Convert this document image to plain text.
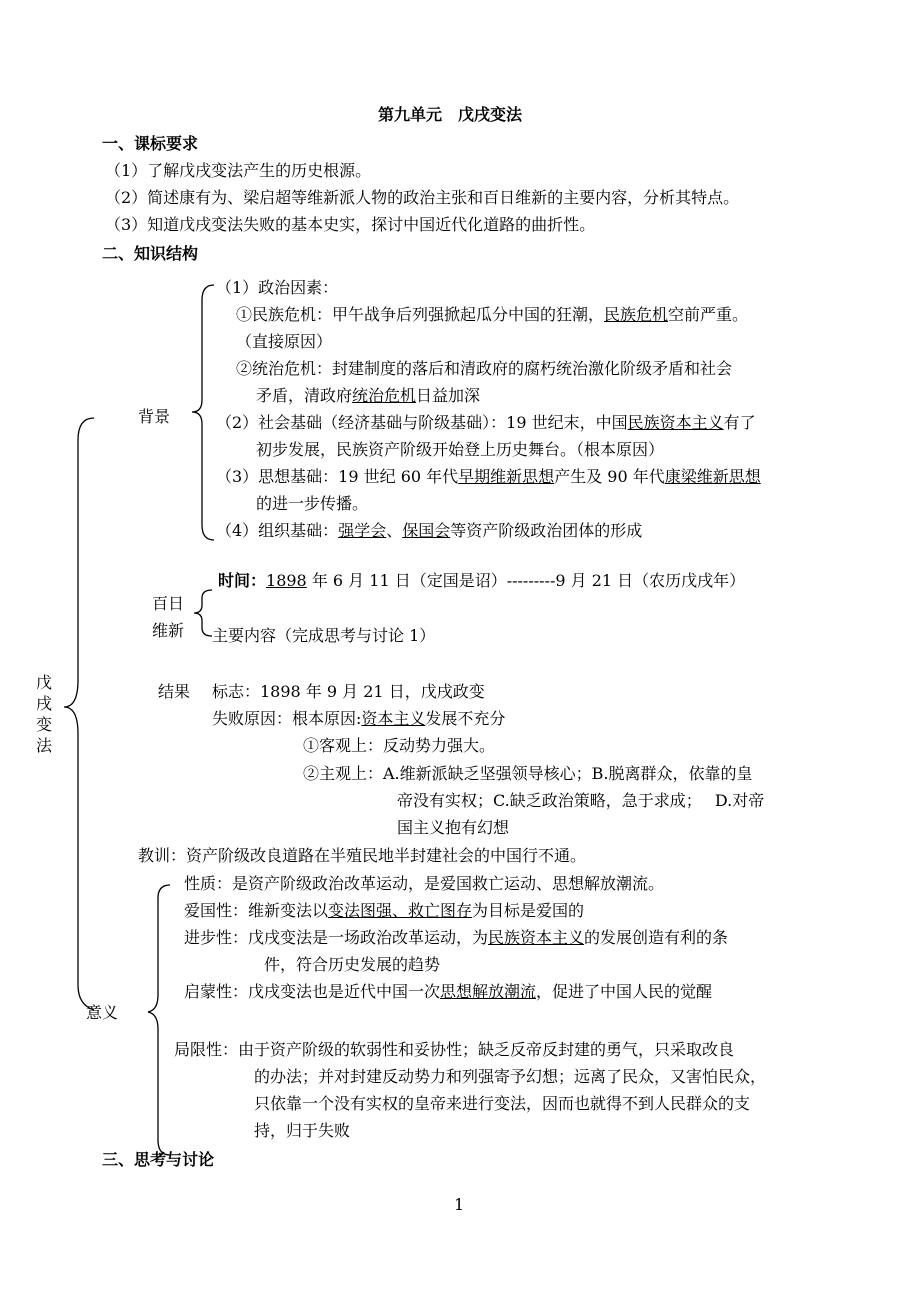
第九单元　戊戌变法
一、课标要求
（1）了解戊戌变法产生的历史根源。
（2）简述康有为、梁启超等维新派人物的政治主张和百日维新的主要内容，分析其特点。
（3）知道戊戌变法失败的基本史实，探讨中国近代化道路的曲折性。
二、知识结构
戊戌变法
背景
（1）政治因素：
①民族危机：甲午战争后列强掀起瓜分中国的狂潮，民族危机空前严重。
（直接原因）
②统治危机：封建制度的落后和清政府的腐朽统治激化阶级矛盾和社会
矛盾，清政府统治危机日益加深
（2）社会基础（经济基础与阶级基础）：19 世纪末，中国民族资本主义有了
初步发展，民族资产阶级开始登上历史舞台。（根本原因）
（3）思想基础：19 世纪 60 年代早期维新思想产生及 90 年代康梁维新思想
的进一步传播。
（4）组织基础：强学会、保国会等资产阶级政治团体的形成
百日
维新
时间：1898 年 6 月 11 日（定国是诏）---------9 月 21 日（农历戊戌年）
主要内容（完成思考与讨论 1）
结果 标志：1898 年 9 月 21 日，戊戌政变
失败原因：根本原因:资本主义发展不充分
①客观上：反动势力强大。
②主观上：A.维新派缺乏坚强领导核心；B.脱离群众，依靠的皇
帝没有实权；C.缺乏政治策略，急于求成；　 D.对帝
国主义抱有幻想
教训：资产阶级改良道路在半殖民地半封建社会的中国行不通。
意义
性质：是资产阶级政治改革运动，是爱国救亡运动、思想解放潮流。
爱国性：维新变法以变法图强、救亡图存为目标是爱国的
进步性：戊戌变法是一场政治改革运动，为民族资本主义的发展创造有利的条
件，符合历史发展的趋势
启蒙性：戊戌变法也是近代中国一次思想解放潮流，促进了中国人民的觉醒
局限性：由于资产阶级的软弱性和妥协性；缺乏反帝反封建的勇气，只采取改良
的办法；并对封建反动势力和列强寄予幻想；远离了民众，又害怕民众，
只依靠一个没有实权的皇帝来进行变法，因而也就得不到人民群众的支
持，归于失败
三、思考与讨论
1
